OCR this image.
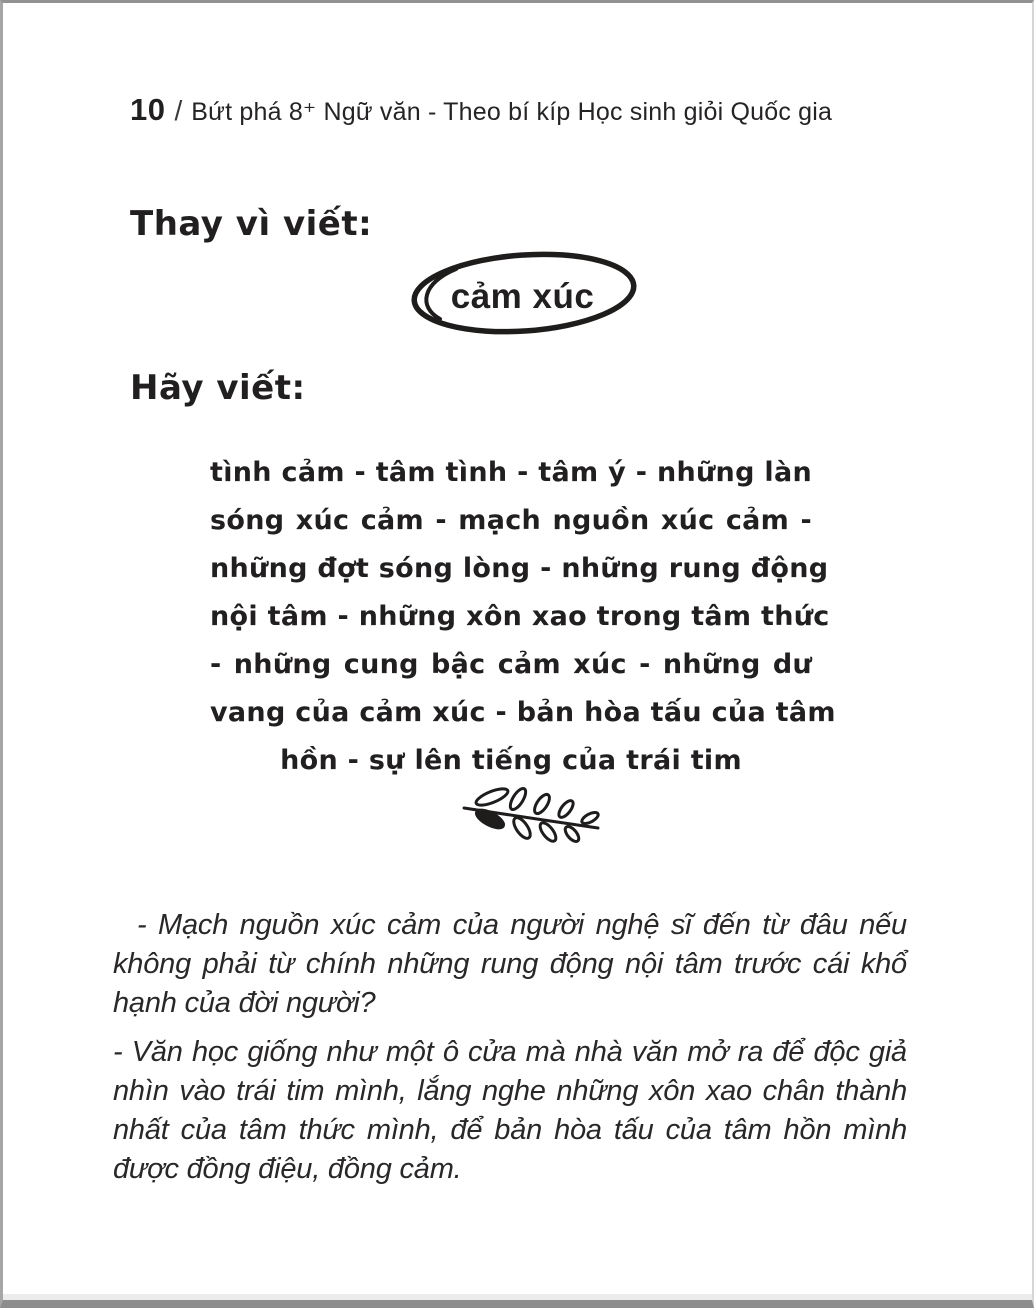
10 / Bứt phá 8⁺ Ngữ văn - Theo bí kíp Học sinh giỏi Quốc gia
Thay vì viết:
cảm xúc
Hãy viết:
tình cảm - tâm tình - tâm ý - những làn
sóng xúc cảm - mạch nguồn xúc cảm -
những đợt sóng lòng - những rung động
nội tâm - những xôn xao trong tâm thức
- những cung bậc cảm xúc - những dư
vang của cảm xúc - bản hòa tấu của tâm
hồn - sự lên tiếng của trái tim

- Mạch nguồn xúc cảm của người nghệ sĩ đến từ đâu nếu không phải từ chính những rung động nội tâm trước cái khổ hạnh của đời người?

- Văn học giống như một ô cửa mà nhà văn mở ra để độc giả nhìn vào trái tim mình, lắng nghe những xôn xao chân thành nhất của tâm thức mình, để bản hòa tấu của tâm hồn mình được đồng điệu, đồng cảm.
